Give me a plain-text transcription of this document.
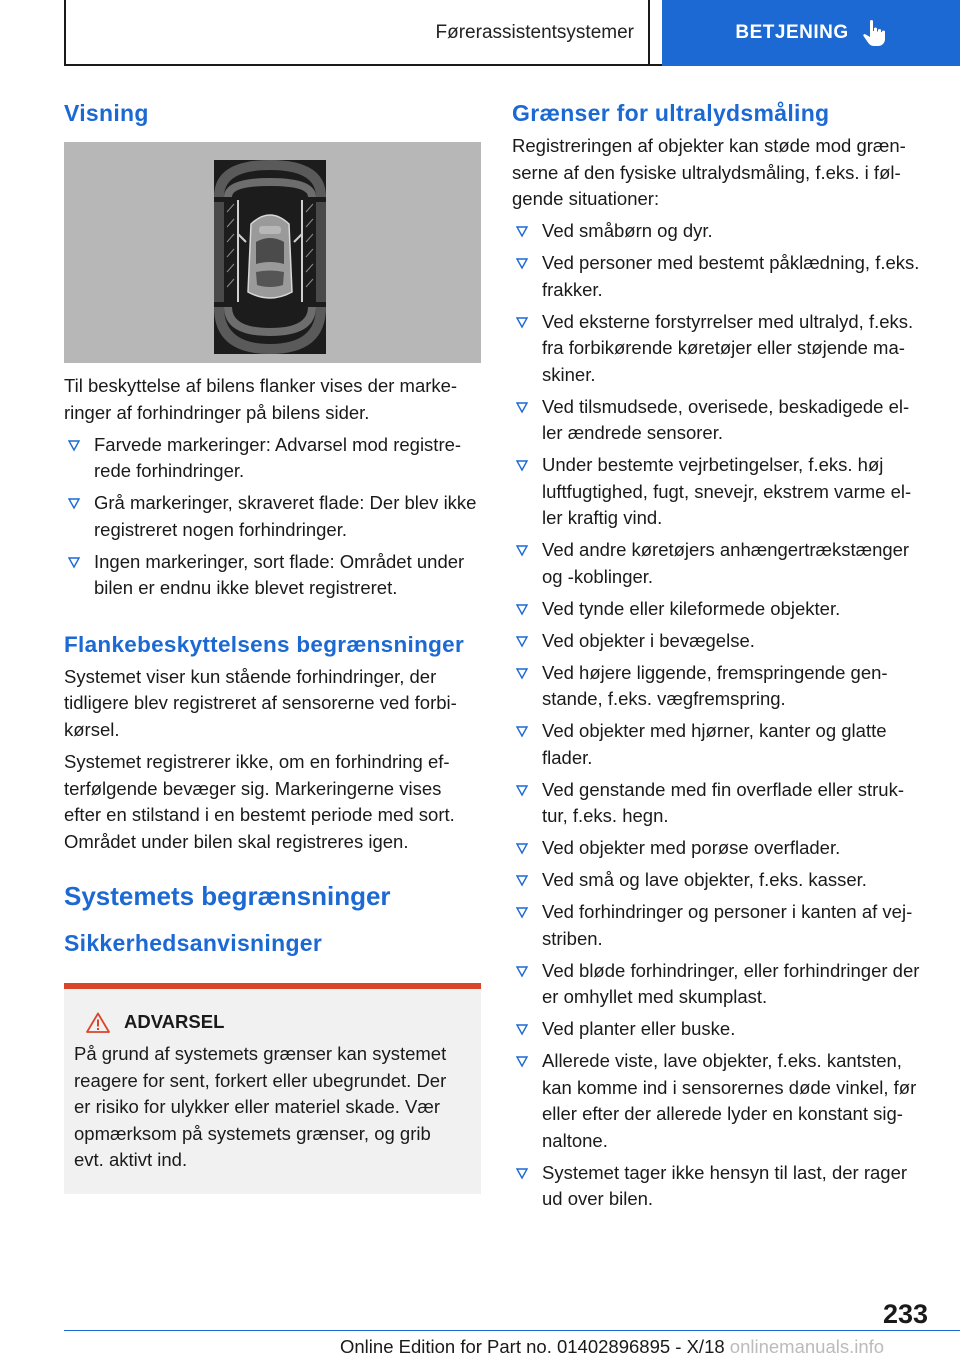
Førerassistentsystemer	BETJENING
Visning

Til beskyttelse af bilens flanker vises der marke-ringer af forhindringer på bilens sider.

Farvede markeringer: Advarsel mod registre-rede forhindringer.
Grå markeringer, skraveret flade: Der blev ikke registreret nogen forhindringer.
Ingen markeringer, sort flade: Området under bilen er endnu ikke blevet registreret.
Flankebeskyttelsens begrænsninger

Systemet viser kun stående forhindringer, der tidligere blev registreret af sensorerne ved forbi-kørsel.

Systemet registrerer ikke, om en forhindring ef-terfølgende bevæger sig. Markeringerne vises efter en stilstand i en bestemt periode med sort. Området under bilen skal registreres igen.

Systemets begrænsninger
Sikkerhedsanvisninger
ADVARSEL

På grund af systemets grænser kan systemet reagere for sent, forkert eller ubegrundet. Der er risiko for ulykker eller materiel skade. Vær opmærksom på systemets grænser, og grib evt. aktivt ind.

Grænser for ultralydsmåling

Registreringen af objekter kan støde mod græn-serne af den fysiske ultralydsmåling, f.eks. i føl-gende situationer:

Ved småbørn og dyr.
Ved personer med bestemt påklædning, f.eks. frakker.
Ved eksterne forstyrrelser med ultralyd, f.eks. fra forbikørende køretøjer eller støjende ma-skiner.
Ved tilsmudsede, overisede, beskadigede el-ler ændrede sensorer.
Under bestemte vejrbetingelser, f.eks. høj luftfugtighed, fugt, snevejr, ekstrem varme el-ler kraftig vind.
Ved andre køretøjers anhængertrækstænger og -koblinger.
Ved tynde eller kileformede objekter.
Ved objekter i bevægelse.
Ved højere liggende, fremspringende gen-stande, f.eks. vægfremspring.
Ved objekter med hjørner, kanter og glatte flader.
Ved genstande med fin overflade eller struk-tur, f.eks. hegn.
Ved objekter med porøse overflader.
Ved små og lave objekter, f.eks. kasser.
Ved forhindringer og personer i kanten af vej-striben.
Ved bløde forhindringer, eller forhindringer der er omhyllet med skumplast.
Ved planter eller buske.
Allerede viste, lave objekter, f.eks. kantsten, kan komme ind i sensorernes døde vinkel, før eller efter der allerede lyder en konstant sig-naltone.
Systemet tager ikke hensyn til last, der rager ud over bilen.
233
Online Edition for Part no. 01402896895 - X/18 onlinemanuals.info
